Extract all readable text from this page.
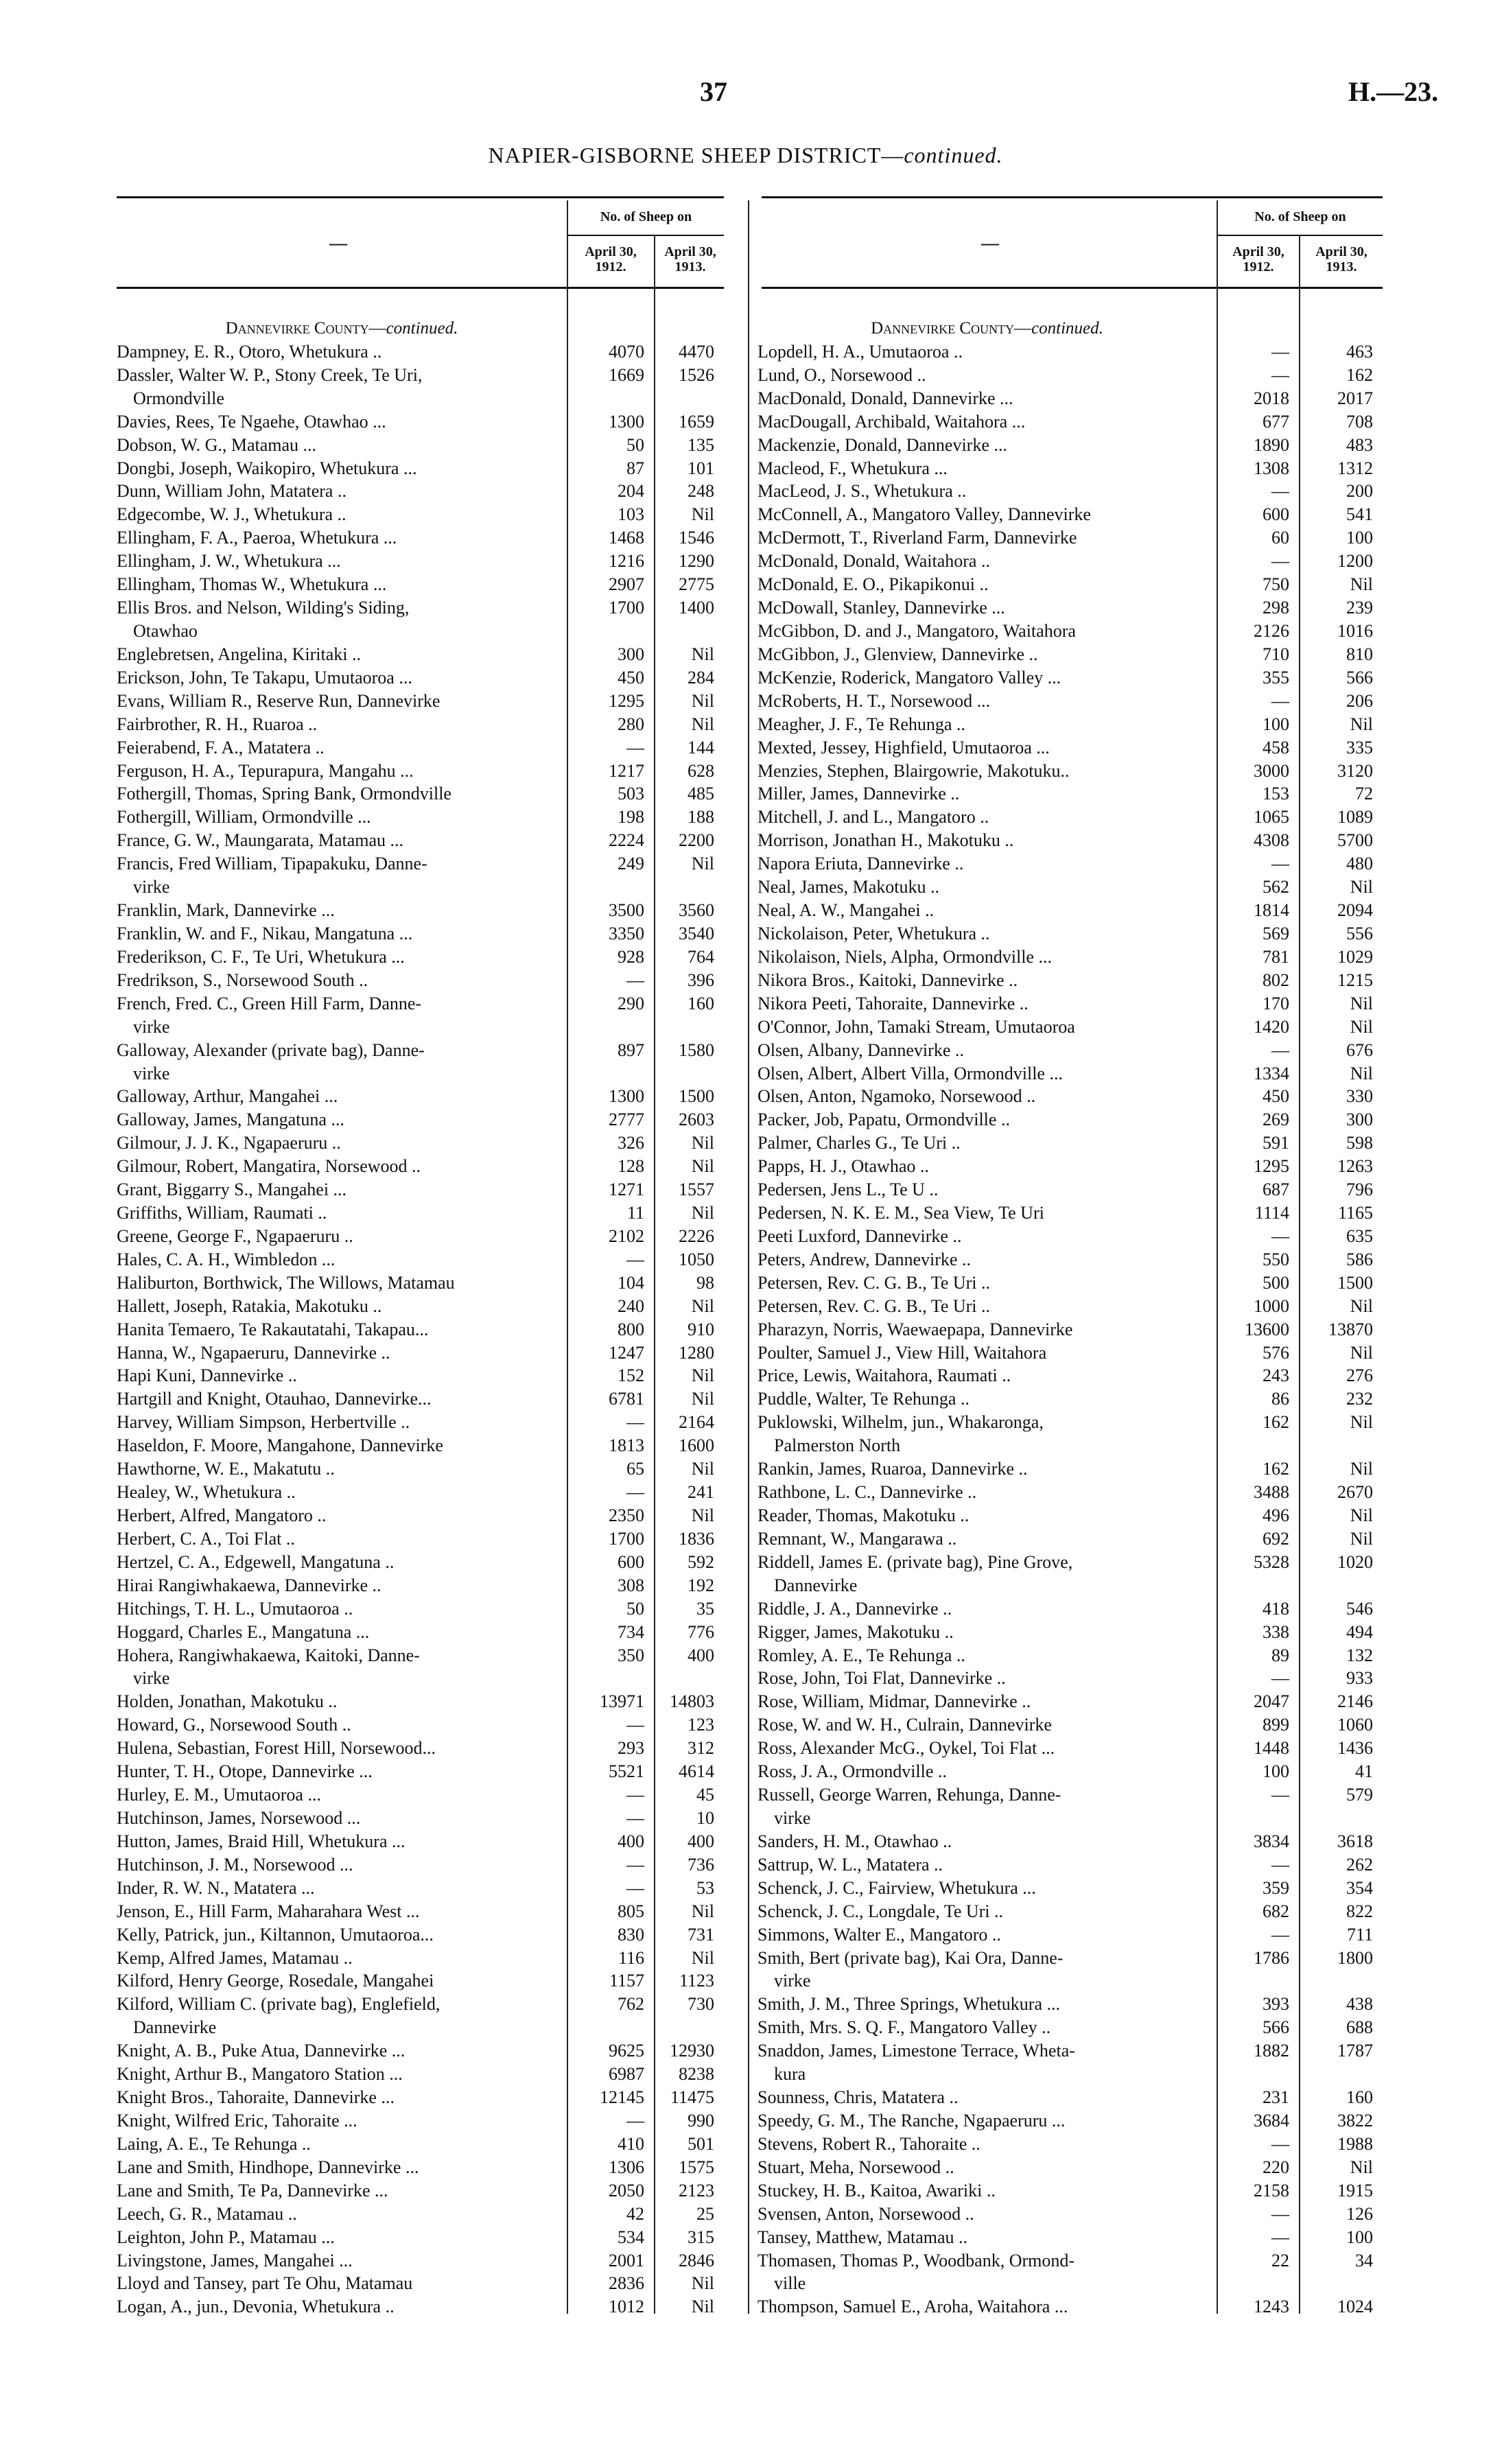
37	H.—23.
NAPIER-GISBORNE SHEEP DISTRICT—continued.
—
No. of Sheep on
April 30, 1912.
April 30, 1913.
Dannevirke County—continued.
Dampney, E. R., Otoro, Whetukura ..	4070	4470
Dassler, Walter W. P., Stony Creek, Te Uri,	1669	1526
Ormondville
Davies, Rees, Te Ngaehe, Otawhao ...	1300	1659
Dobson, W. G., Matamau ...	50	135
Dongbi, Joseph, Waikopiro, Whetukura ...	87	101
Dunn, William John, Matatera ..	204	248
Edgecombe, W. J., Whetukura ..	103	Nil
Ellingham, F. A., Paeroa, Whetukura ...	1468	1546
Ellingham, J. W., Whetukura ...	1216	1290
Ellingham, Thomas W., Whetukura ...	2907	2775
Ellis Bros. and Nelson, Wilding's Siding,	1700	1400
Otawhao
Englebretsen, Angelina, Kiritaki ..	300	Nil
Erickson, John, Te Takapu, Umutaoroa ...	450	284
Evans, William R., Reserve Run, Dannevirke	1295	Nil
Fairbrother, R. H., Ruaroa ..	280	Nil
Feierabend, F. A., Matatera ..	—	144
Ferguson, H. A., Tepurapura, Mangahu ...	1217	628
Fothergill, Thomas, Spring Bank, Ormondville	503	485
Fothergill, William, Ormondville ...	198	188
France, G. W., Maungarata, Matamau ...	2224	2200
Francis, Fred William, Tipapakuku, Danne-	249	Nil
virke
Franklin, Mark, Dannevirke ...	3500	3560
Franklin, W. and F., Nikau, Mangatuna ...	3350	3540
Frederikson, C. F., Te Uri, Whetukura ...	928	764
Fredrikson, S., Norsewood South ..	—	396
French, Fred. C., Green Hill Farm, Danne-	290	160
virke
Galloway, Alexander (private bag), Danne-	897	1580
virke
Galloway, Arthur, Mangahei ...	1300	1500
Galloway, James, Mangatuna ...	2777	2603
Gilmour, J. J. K., Ngapaeruru ..	326	Nil
Gilmour, Robert, Mangatira, Norsewood ..	128	Nil
Grant, Biggarry S., Mangahei ...	1271	1557
Griffiths, William, Raumati ..	11	Nil
Greene, George F., Ngapaeruru ..	2102	2226
Hales, C. A. H., Wimbledon ...	—	1050
Haliburton, Borthwick, The Willows, Matamau	104	98
Hallett, Joseph, Ratakia, Makotuku ..	240	Nil
Hanita Temaero, Te Rakautatahi, Takapau...	800	910
Hanna, W., Ngapaeruru, Dannevirke ..	1247	1280
Hapi Kuni, Dannevirke ..	152	Nil
Hartgill and Knight, Otauhao, Dannevirke...	6781	Nil
Harvey, William Simpson, Herbertville ..	—	2164
Haseldon, F. Moore, Mangahone, Dannevirke	1813	1600
Hawthorne, W. E., Makatutu ..	65	Nil
Healey, W., Whetukura ..	—	241
Herbert, Alfred, Mangatoro ..	2350	Nil
Herbert, C. A., Toi Flat ..	1700	1836
Hertzel, C. A., Edgewell, Mangatuna ..	600	592
Hirai Rangiwhakaewa, Dannevirke ..	308	192
Hitchings, T. H. L., Umutaoroa ..	50	35
Hoggard, Charles E., Mangatuna ...	734	776
Hohera, Rangiwhakaewa, Kaitoki, Danne-	350	400
virke
Holden, Jonathan, Makotuku ..	13971	14803
Howard, G., Norsewood South ..	—	123
Hulena, Sebastian, Forest Hill, Norsewood...	293	312
Hunter, T. H., Otope, Dannevirke ...	5521	4614
Hurley, E. M., Umutaoroa ...	—	45
Hutchinson, James, Norsewood ...	—	10
Hutton, James, Braid Hill, Whetukura ...	400	400
Hutchinson, J. M., Norsewood ...	—	736
Inder, R. W. N., Matatera ...	—	53
Jenson, E., Hill Farm, Maharahara West ...	805	Nil
Kelly, Patrick, jun., Kiltannon, Umutaoroa...	830	731
Kemp, Alfred James, Matamau ..	116	Nil
Kilford, Henry George, Rosedale, Mangahei	1157	1123
Kilford, William C. (private bag), Englefield,	762	730
Dannevirke
Knight, A. B., Puke Atua, Dannevirke ...	9625	12930
Knight, Arthur B., Mangatoro Station ...	6987	8238
Knight Bros., Tahoraite, Dannevirke ...	12145	11475
Knight, Wilfred Eric, Tahoraite ...	—	990
Laing, A. E., Te Rehunga ..	410	501
Lane and Smith, Hindhope, Dannevirke ...	1306	1575
Lane and Smith, Te Pa, Dannevirke ...	2050	2123
Leech, G. R., Matamau ..	42	25
Leighton, John P., Matamau ...	534	315
Livingstone, James, Mangahei ...	2001	2846
Lloyd and Tansey, part Te Ohu, Matamau	2836	Nil
Logan, A., jun., Devonia, Whetukura ..	1012	Nil
—
No. of Sheep on
April 30, 1912.
April 30, 1913.
Dannevirke County—continued.
Lopdell, H. A., Umutaoroa ..	—	463
Lund, O., Norsewood ..	—	162
MacDonald, Donald, Dannevirke ...	2018	2017
MacDougall, Archibald, Waitahora ...	677	708
Mackenzie, Donald, Dannevirke ...	1890	483
Macleod, F., Whetukura ...	1308	1312
MacLeod, J. S., Whetukura ..	—	200
McConnell, A., Mangatoro Valley, Dannevirke	600	541
McDermott, T., Riverland Farm, Dannevirke	60	100
McDonald, Donald, Waitahora ..	—	1200
McDonald, E. O., Pikapikonui ..	750	Nil
McDowall, Stanley, Dannevirke ...	298	239
McGibbon, D. and J., Mangatoro, Waitahora	2126	1016
McGibbon, J., Glenview, Dannevirke ..	710	810
McKenzie, Roderick, Mangatoro Valley ...	355	566
McRoberts, H. T., Norsewood ...	—	206
Meagher, J. F., Te Rehunga ..	100	Nil
Mexted, Jessey, Highfield, Umutaoroa ...	458	335
Menzies, Stephen, Blairgowrie, Makotuku..	3000	3120
Miller, James, Dannevirke ..	153	72
Mitchell, J. and L., Mangatoro ..	1065	1089
Morrison, Jonathan H., Makotuku ..	4308	5700
Napora Eriuta, Dannevirke ..	—	480
Neal, James, Makotuku ..	562	Nil
Neal, A. W., Mangahei ..	1814	2094
Nickolaison, Peter, Whetukura ..	569	556
Nikolaison, Niels, Alpha, Ormondville ...	781	1029
Nikora Bros., Kaitoki, Dannevirke ..	802	1215
Nikora Peeti, Tahoraite, Dannevirke ..	170	Nil
O'Connor, John, Tamaki Stream, Umutaoroa	1420	Nil
Olsen, Albany, Dannevirke ..	—	676
Olsen, Albert, Albert Villa, Ormondville ...	1334	Nil
Olsen, Anton, Ngamoko, Norsewood ..	450	330
Packer, Job, Papatu, Ormondville ..	269	300
Palmer, Charles G., Te Uri ..	591	598
Papps, H. J., Otawhao ..	1295	1263
Pedersen, Jens L., Te U ..	687	796
Pedersen, N. K. E. M., Sea View, Te Uri	1114	1165
Peeti Luxford, Dannevirke ..	—	635
Peters, Andrew, Dannevirke ..	550	586
Petersen, Rev. C. G. B., Te Uri ..	500	1500
Petersen, Rev. C. G. B., Te Uri ..	1000	Nil
Pharazyn, Norris, Waewaepapa, Dannevirke	13600	13870
Poulter, Samuel J., View Hill, Waitahora	576	Nil
Price, Lewis, Waitahora, Raumati ..	243	276
Puddle, Walter, Te Rehunga ..	86	232
Puklowski, Wilhelm, jun., Whakaronga,	162	Nil
Palmerston North
Rankin, James, Ruaroa, Dannevirke ..	162	Nil
Rathbone, L. C., Dannevirke ..	3488	2670
Reader, Thomas, Makotuku ..	496	Nil
Remnant, W., Mangarawa ..	692	Nil
Riddell, James E. (private bag), Pine Grove,	5328	1020
Dannevirke
Riddle, J. A., Dannevirke ..	418	546
Rigger, James, Makotuku ..	338	494
Romley, A. E., Te Rehunga ..	89	132
Rose, John, Toi Flat, Dannevirke ..	—	933
Rose, William, Midmar, Dannevirke ..	2047	2146
Rose, W. and W. H., Culrain, Dannevirke	899	1060
Ross, Alexander McG., Oykel, Toi Flat ...	1448	1436
Ross, J. A., Ormondville ..	100	41
Russell, George Warren, Rehunga, Danne-	—	579
virke
Sanders, H. M., Otawhao ..	3834	3618
Sattrup, W. L., Matatera ..	—	262
Schenck, J. C., Fairview, Whetukura ...	359	354
Schenck, J. C., Longdale, Te Uri ..	682	822
Simmons, Walter E., Mangatoro ..	—	711
Smith, Bert (private bag), Kai Ora, Danne-	1786	1800
virke
Smith, J. M., Three Springs, Whetukura ...	393	438
Smith, Mrs. S. Q. F., Mangatoro Valley ..	566	688
Snaddon, James, Limestone Terrace, Wheta-	1882	1787
kura
Sounness, Chris, Matatera ..	231	160
Speedy, G. M., The Ranche, Ngapaeruru ...	3684	3822
Stevens, Robert R., Tahoraite ..	—	1988
Stuart, Meha, Norsewood ..	220	Nil
Stuckey, H. B., Kaitoa, Awariki ..	2158	1915
Svensen, Anton, Norsewood ..	—	126
Tansey, Matthew, Matamau ..	—	100
Thomasen, Thomas P., Woodbank, Ormond-	22	34
ville
Thompson, Samuel E., Aroha, Waitahora ...	1243	1024
